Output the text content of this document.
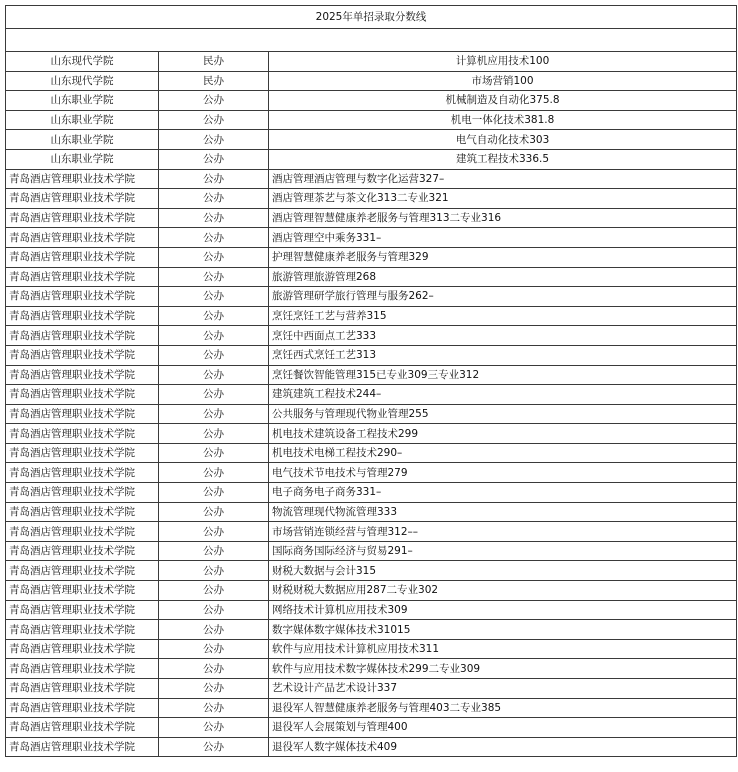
2025年单招录取分数线		

山东现代学院	民办	计算机应用技术100
山东现代学院	民办	市场营销100
山东职业学院	公办	机械制造及自动化375.8
山东职业学院	公办	机电一体化技术381.8
山东职业学院	公办	电气自动化技术303
山东职业学院	公办	建筑工程技术336.5
青岛酒店管理职业技术学院	公办	酒店管理酒店管理与数字化运营327–
青岛酒店管理职业技术学院	公办	酒店管理茶艺与茶文化313二专业321
青岛酒店管理职业技术学院	公办	酒店管理智慧健康养老服务与管理313二专业316
青岛酒店管理职业技术学院	公办	酒店管理空中乘务331–
青岛酒店管理职业技术学院	公办	护理智慧健康养老服务与管理329
青岛酒店管理职业技术学院	公办	旅游管理旅游管理268
青岛酒店管理职业技术学院	公办	旅游管理研学旅行管理与服务262–
青岛酒店管理职业技术学院	公办	烹饪烹饪工艺与营养315
青岛酒店管理职业技术学院	公办	烹饪中西面点工艺333
青岛酒店管理职业技术学院	公办	烹饪西式烹饪工艺313
青岛酒店管理职业技术学院	公办	烹饪餐饮智能管理315已专业309三专业312
青岛酒店管理职业技术学院	公办	建筑建筑工程技术244–
青岛酒店管理职业技术学院	公办	公共服务与管理现代物业管理255
青岛酒店管理职业技术学院	公办	机电技术建筑设备工程技术299
青岛酒店管理职业技术学院	公办	机电技术电梯工程技术290–
青岛酒店管理职业技术学院	公办	电气技术节电技术与管理279
青岛酒店管理职业技术学院	公办	电子商务电子商务331–
青岛酒店管理职业技术学院	公办	物流管理现代物流管理333
青岛酒店管理职业技术学院	公办	市场营销连锁经营与管理312––
青岛酒店管理职业技术学院	公办	国际商务国际经济与贸易291–
青岛酒店管理职业技术学院	公办	财税大数据与会计315
青岛酒店管理职业技术学院	公办	财税财税大数据应用287二专业302
青岛酒店管理职业技术学院	公办	网络技术计算机应用技术309
青岛酒店管理职业技术学院	公办	数字媒体数字媒体技术31015
青岛酒店管理职业技术学院	公办	软件与应用技术计算机应用技术311
青岛酒店管理职业技术学院	公办	软件与应用技术数字媒体技术299二专业309
青岛酒店管理职业技术学院	公办	艺术设计产品艺术设计337
青岛酒店管理职业技术学院	公办	退役军人智慧健康养老服务与管理403二专业385
青岛酒店管理职业技术学院	公办	退役军人会展策划与管理400
青岛酒店管理职业技术学院	公办	退役军人数字媒体技术409
